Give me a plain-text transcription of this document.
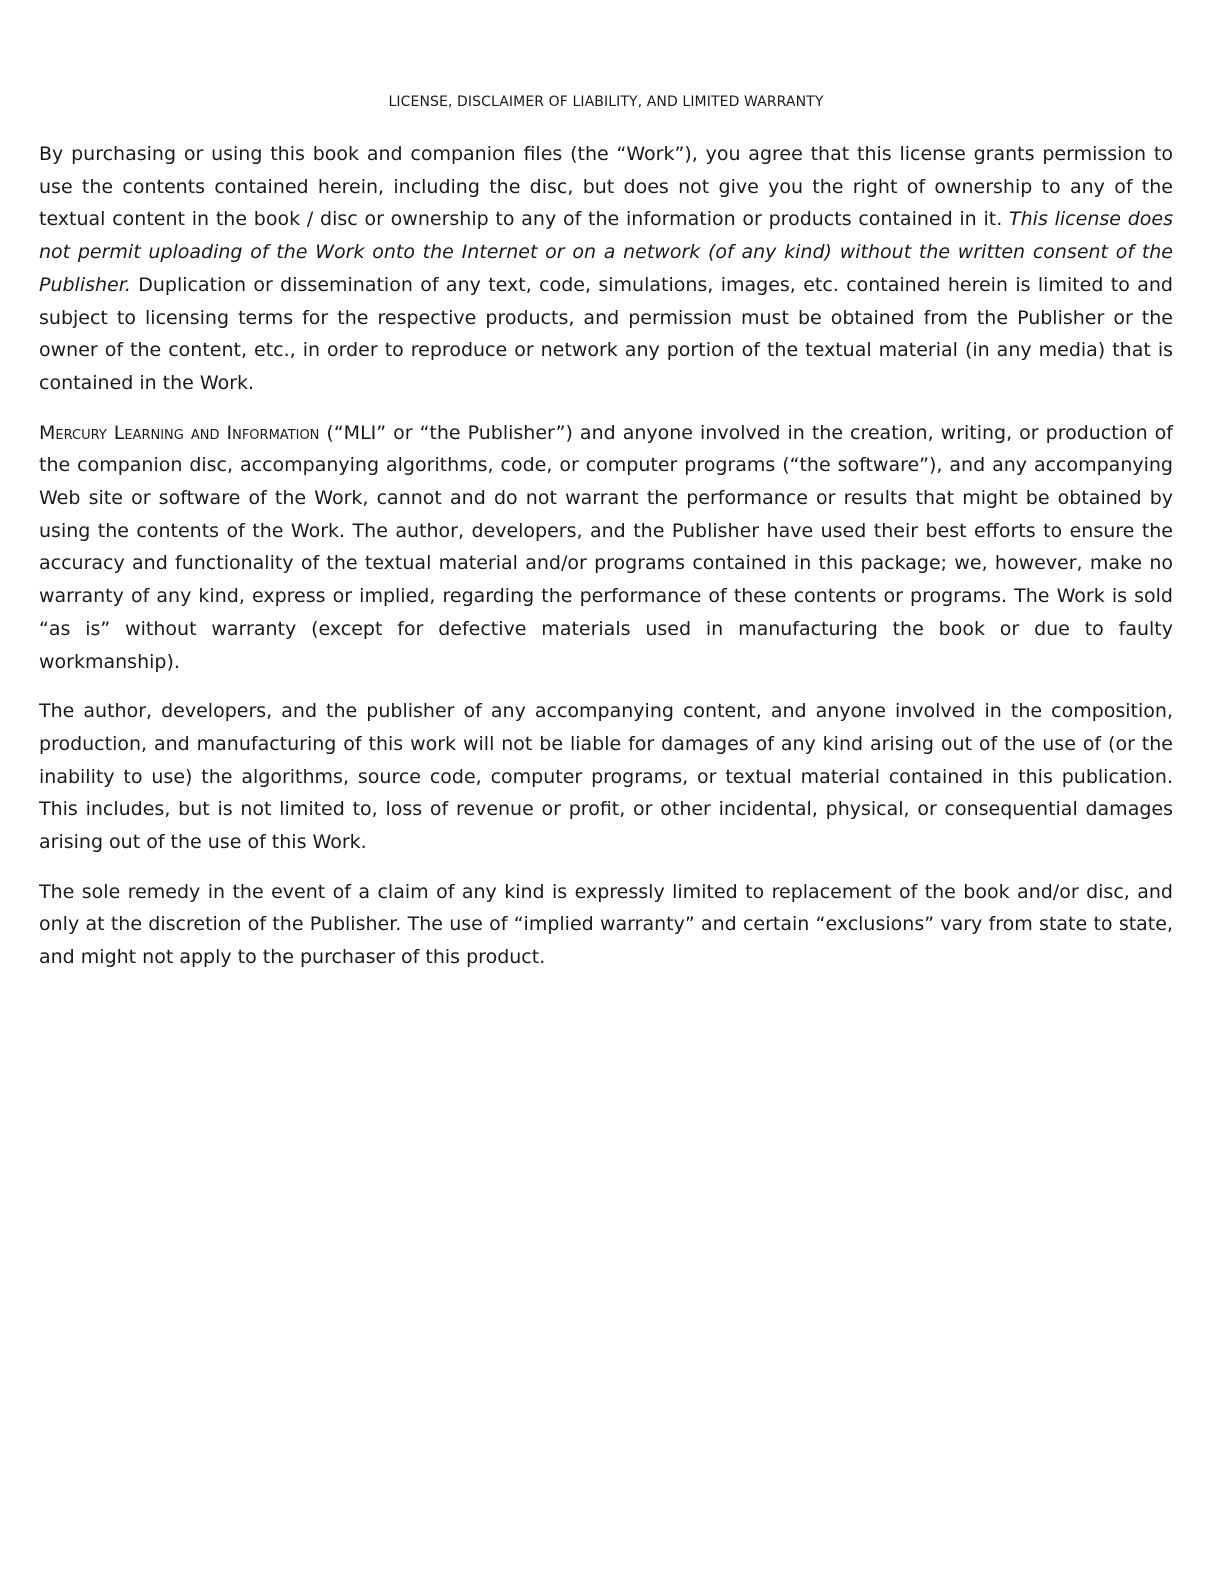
LICENSE, DISCLAIMER OF LIABILITY, AND LIMITED WARRANTY

By purchasing or using this book and companion files (the “Work”), you agree that this license grants permission to use the contents contained herein, including the disc, but does not give you the right of ownership to any of the textual content in the book / disc or ownership to any of the information or products contained in it. This license does not permit uploading of the Work onto the Internet or on a network (of any kind) without the written consent of the Publisher. Duplication or dissemination of any text, code, simulations, images, etc. contained herein is limited to and subject to licensing terms for the respective products, and permission must be obtained from the Publisher or the owner of the content, etc., in order to reproduce or network any portion of the textual material (in any media) that is contained in the Work.

Mercury Learning and Information (“MLI” or “the Publisher”) and anyone involved in the creation, writing, or production of the companion disc, accompanying algorithms, code, or computer programs (“the software”), and any accompanying Web site or software of the Work, cannot and do not warrant the performance or results that might be obtained by using the contents of the Work. The author, developers, and the Publisher have used their best efforts to ensure the accuracy and functionality of the textual material and/or programs contained in this package; we, however, make no warranty of any kind, express or implied, regarding the performance of these contents or programs. The Work is sold “as is” without warranty (except for defective materials used in manufacturing the book or due to faulty workmanship).

The author, developers, and the publisher of any accompanying content, and anyone involved in the composition, production, and manufacturing of this work will not be liable for damages of any kind arising out of the use of (or the inability to use) the algorithms, source code, computer programs, or textual material contained in this publication. This includes, but is not limited to, loss of revenue or profit, or other incidental, physical, or consequential damages arising out of the use of this Work.

The sole remedy in the event of a claim of any kind is expressly limited to replacement of the book and/or disc, and only at the discretion of the Publisher. The use of “implied warranty” and certain “exclusions” vary from state to state, and might not apply to the purchaser of this product.
